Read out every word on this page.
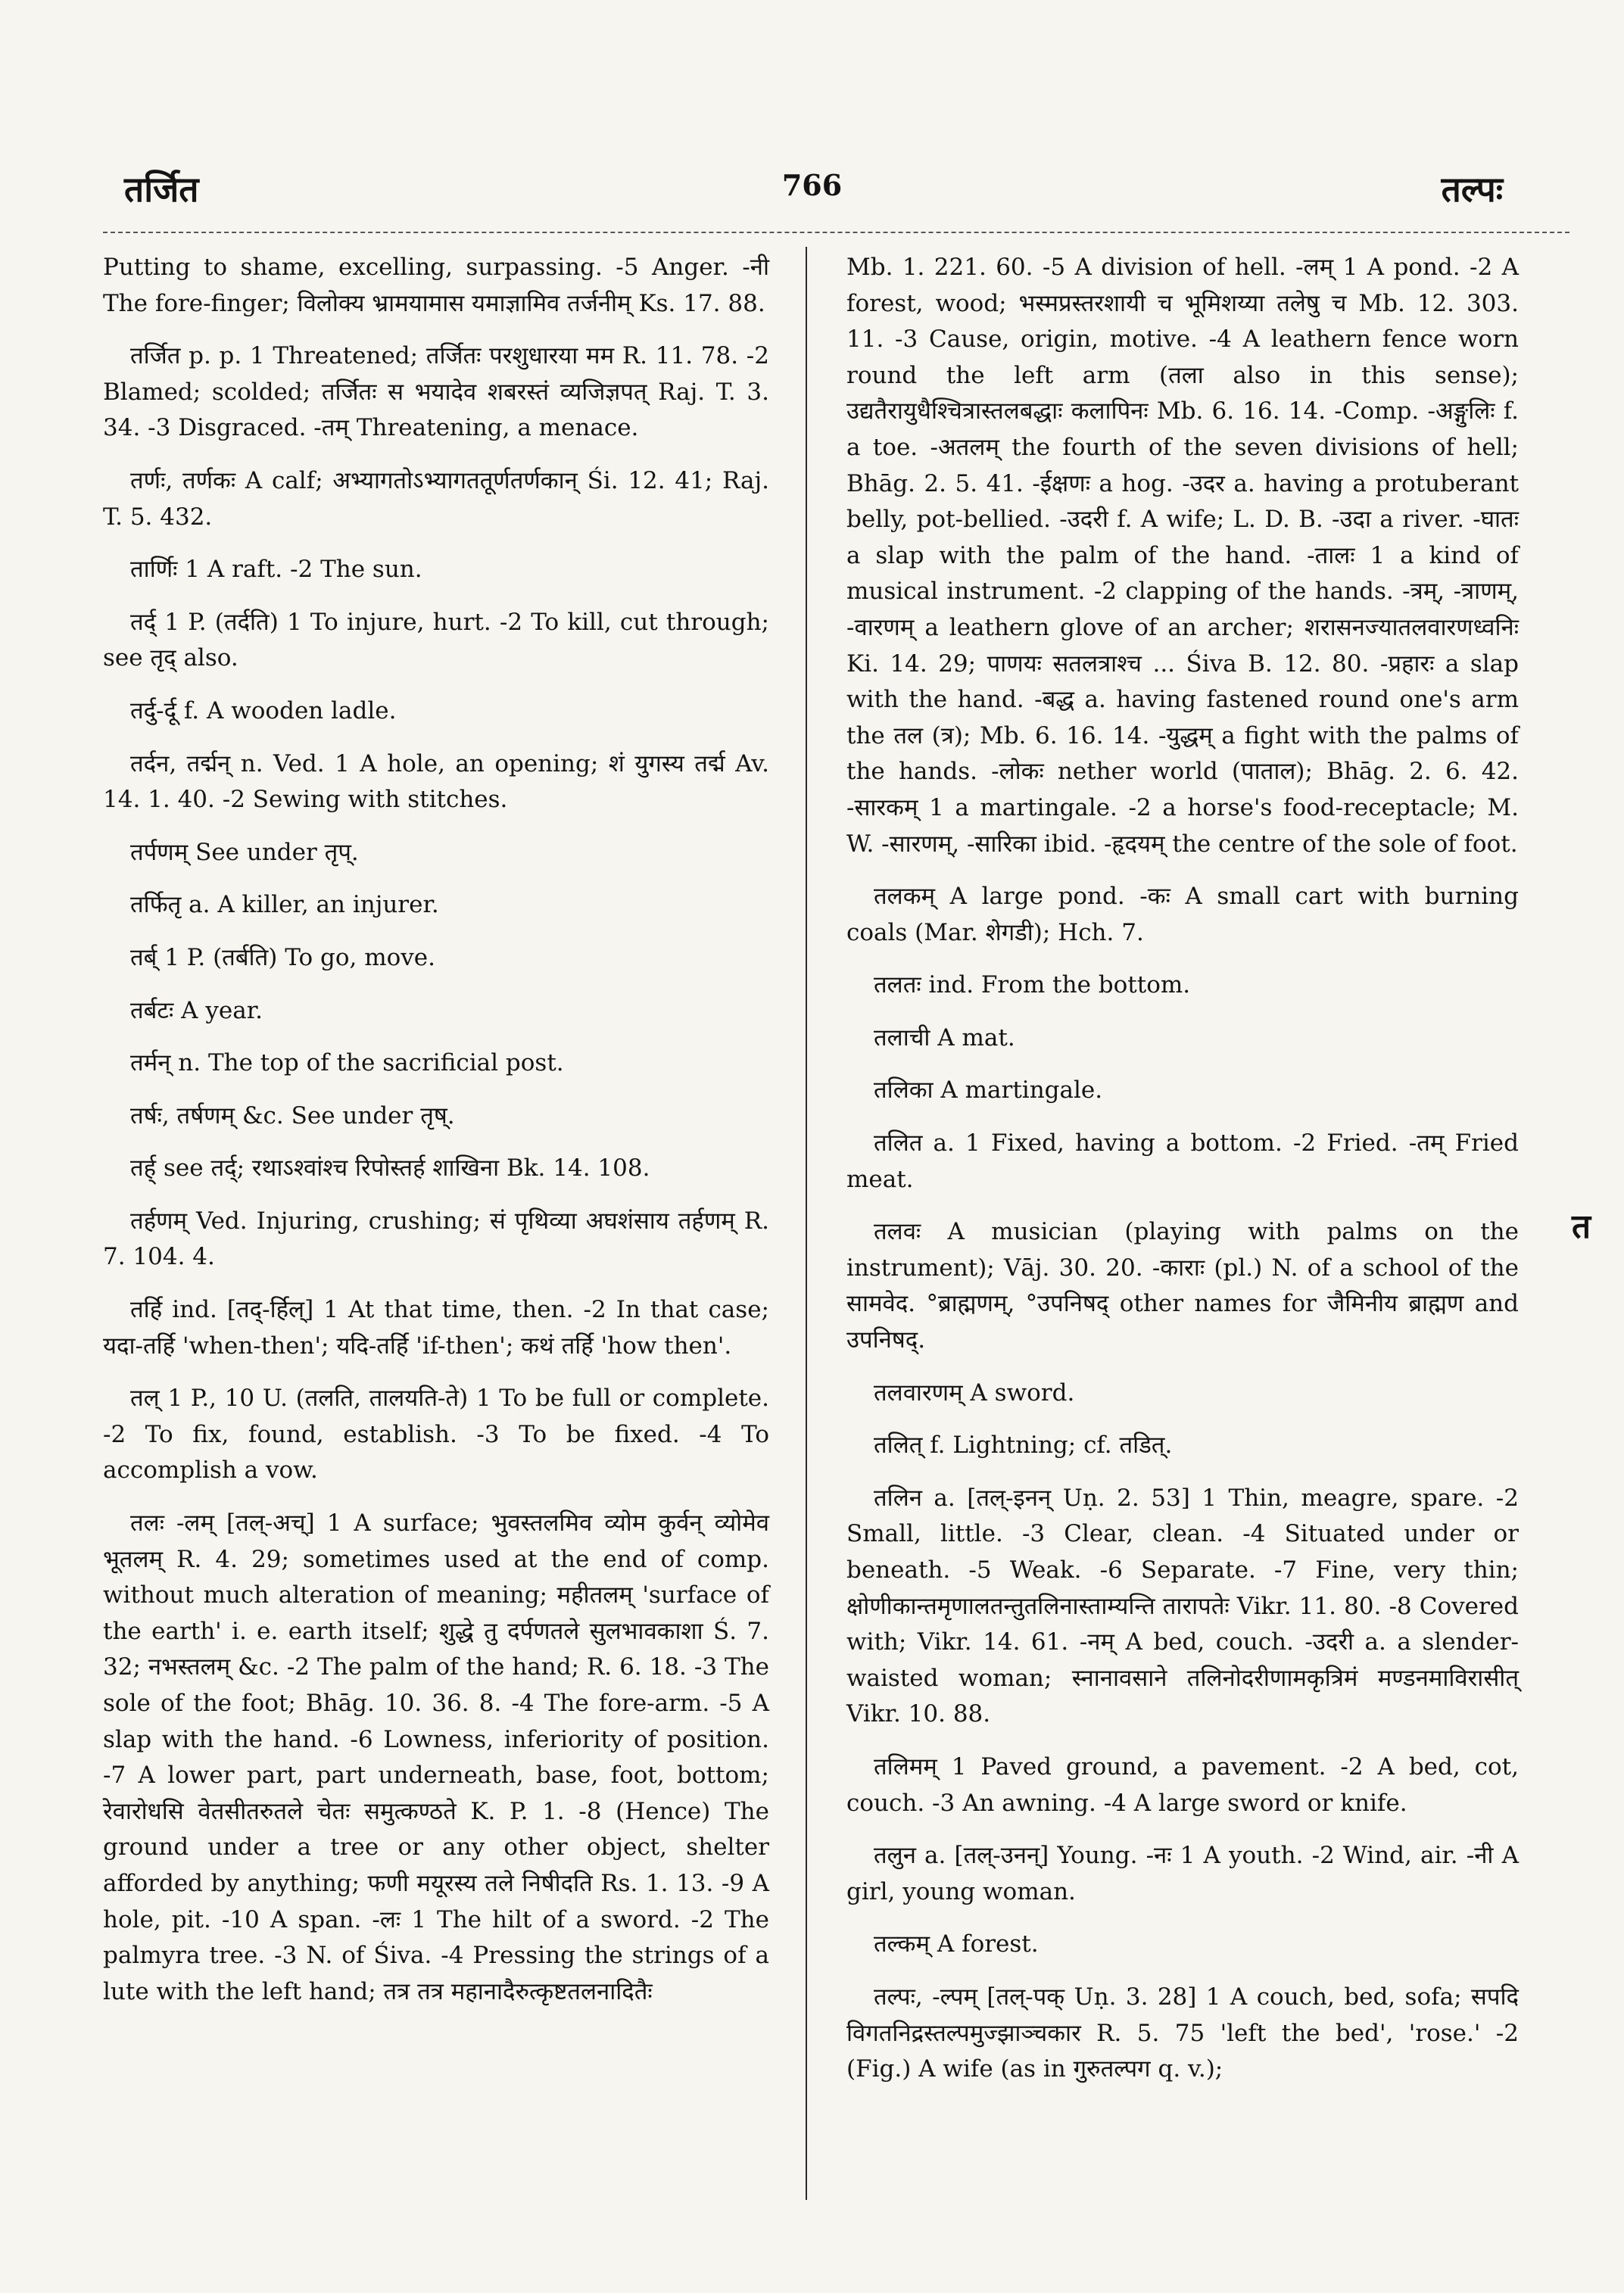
तर्जित	766	तल्पः

Putting to shame, excelling, surpassing. -5 Anger. -नी The fore-finger; विलोक्य भ्रामयामास यमाज्ञामिव तर्जनीम् Ks. 17. 88.

तर्जित p. p. 1 Threatened; तर्जितः परशुधारया मम R. 11. 78. -2 Blamed; scolded; तर्जितः स भयादेव शबरस्तं व्यजिज्ञपत् Raj. T. 3. 34. -3 Disgraced. -तम् Threatening, a menace.

तर्णः, तर्णकः A calf; अभ्यागतोऽभ्यागततूर्णतर्णकान् Śi. 12. 41; Raj. T. 5. 432.

तार्णिः 1 A raft. -2 The sun.

तर्द् 1 P. (तर्दति) 1 To injure, hurt. -2 To kill, cut through; see तृद् also.

तर्दु-र्दू f. A wooden ladle.

तर्दन, तर्द्मन् n. Ved. 1 A hole, an opening; शं युगस्य तर्द्म Av. 14. 1. 40. -2 Sewing with stitches.

तर्पणम् See under तृप्.

तर्फितृ a. A killer, an injurer.

तर्ब् 1 P. (तर्बति) To go, move.

तर्बटः A year.

तर्मन् n. The top of the sacrificial post.

तर्षः, तर्षणम् &c. See under तृष्.

तर्ह् see तर्द्; रथाऽश्वांश्च रिपोस्तर्ह शाखिना Bk. 14. 108.

तर्हणम् Ved. Injuring, crushing; सं पृथिव्या अघशंसाय तर्हणम् R. 7. 104. 4.

तर्हि ind. [तद्-र्हिल्] 1 At that time, then. -2 In that case; यदा-तर्हि 'when-then'; यदि-तर्हि 'if-then'; कथं तर्हि 'how then'.

तल् 1 P., 10 U. (तलति, तालयति-ते) 1 To be full or complete. -2 To fix, found, establish. -3 To be fixed. -4 To accomplish a vow.

तलः -लम् [तल्-अच्] 1 A surface; भुवस्तलमिव व्योम कुर्वन् व्योमेव भूतलम् R. 4. 29; sometimes used at the end of comp. without much alteration of meaning; महीतलम् 'surface of the earth' i. e. earth itself; शुद्धे तु दर्पणतले सुलभावकाशा Ś. 7. 32; नभस्तलम् &c. -2 The palm of the hand; R. 6. 18. -3 The sole of the foot; Bhāg. 10. 36. 8. -4 The fore-arm. -5 A slap with the hand. -6 Lowness, inferiority of position. -7 A lower part, part underneath, base, foot, bottom; रेवारोधसि वेतसीतरुतले चेतः समुत्कण्ठते K. P. 1. -8 (Hence) The ground under a tree or any other object, shelter afforded by anything; फणी मयूरस्य तले निषीदति Rs. 1. 13. -9 A hole, pit. -10 A span. -लः 1 The hilt of a sword. -2 The palmyra tree. -3 N. of Śiva. -4 Pressing the strings of a lute with the left hand; तत्र तत्र महानादैरुत्कृष्टतलनादितैः

Mb. 1. 221. 60. -5 A division of hell. -लम् 1 A pond. -2 A forest, wood; भस्मप्रस्तरशायी च भूमिशय्या तलेषु च Mb. 12. 303. 11. -3 Cause, origin, motive. -4 A leathern fence worn round the left arm (तला also in this sense); उद्यतैरायुधैश्चित्रास्तलबद्धाः कलापिनः Mb. 6. 16. 14. -Comp. -अङ्गुलिः f. a toe. -अतलम् the fourth of the seven divisions of hell; Bhāg. 2. 5. 41. -ईक्षणः a hog. -उदर a. having a protuberant belly, pot-bellied. -उदरी f. A wife; L. D. B. -उदा a river. -घातः a slap with the palm of the hand. -तालः 1 a kind of musical instrument. -2 clapping of the hands. -त्रम्, -त्राणम्, -वारणम् a leathern glove of an archer; शरासनज्यातलवारणध्वनिः Ki. 14. 29; पाणयः सतलत्राश्च ... Śiva B. 12. 80. -प्रहारः a slap with the hand. -बद्ध a. having fastened round one's arm the तल (त्र); Mb. 6. 16. 14. -युद्धम् a fight with the palms of the hands. -लोकः nether world (पाताल); Bhāg. 2. 6. 42. -सारकम् 1 a martingale. -2 a horse's food-receptacle; M. W. -सारणम्, -सारिका ibid. -हृदयम् the centre of the sole of foot.

तलकम् A large pond. -कः A small cart with burning coals (Mar. शेगडी); Hch. 7.

तलतः ind. From the bottom.

तलाची A mat.

तलिका A martingale.

तलित a. 1 Fixed, having a bottom. -2 Fried. -तम् Fried meat.

तलवः A musician (playing with palms on the instrument); Vāj. 30. 20. -काराः (pl.) N. of a school of the सामवेद. °ब्राह्मणम्, °उपनिषद् other names for जैमिनीय ब्राह्मण and उपनिषद्.

तलवारणम् A sword.

तलित् f. Lightning; cf. तडित्.

तलिन a. [तल्-इनन् Uṇ. 2. 53] 1 Thin, meagre, spare. -2 Small, little. -3 Clear, clean. -4 Situated under or beneath. -5 Weak. -6 Separate. -7 Fine, very thin; क्षोणीकान्तमृणालतन्तुतलिनास्ताम्यन्ति तारापतेः Vikr. 11. 80. -8 Covered with; Vikr. 14. 61. -नम् A bed, couch. -उदरी a. a slender-waisted woman; स्नानावसाने तलिनोदरीणामकृत्रिमं मण्डनमाविरासीत् Vikr. 10. 88.

तलिमम् 1 Paved ground, a pavement. -2 A bed, cot, couch. -3 An awning. -4 A large sword or knife.

तलुन a. [तल्-उनन्] Young. -नः 1 A youth. -2 Wind, air. -नी A girl, young woman.

तल्कम् A forest.

तल्पः, -ल्पम् [तल्-पक् Uṇ. 3. 28] 1 A couch, bed, sofa; सपदि विगतनिद्रस्तल्पमुज्झाञ्चकार R. 5. 75 'left the bed', 'rose.' -2 (Fig.) A wife (as in गुरुतल्पग q. v.);

त
